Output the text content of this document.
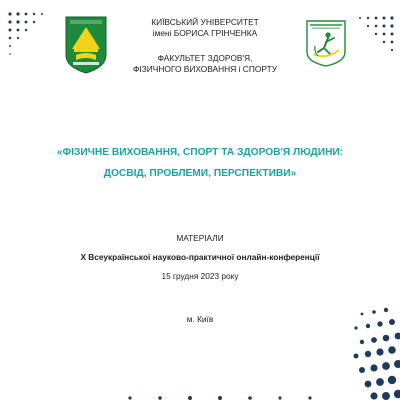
КИЇВСЬКИЙ УНІВЕРСИТЕТ
імені БОРИСА ГРІНЧЕНКА
ФАКУЛЬТЕТ ЗДОРОВ'Я,
ФІЗИЧНОГО ВИХОВАННЯ і СПОРТУ
«ФІЗИЧНЕ ВИХОВАННЯ, СПОРТ ТА ЗДОРОВ'Я ЛЮДИНИ:
ДОСВІД, ПРОБЛЕМИ, ПЕРСПЕКТИВИ»
МАТЕРІАЛИ
Х Всеукраїнської науково-практичної онлайн-конференції
15 грудня 2023 року
м. Київ
